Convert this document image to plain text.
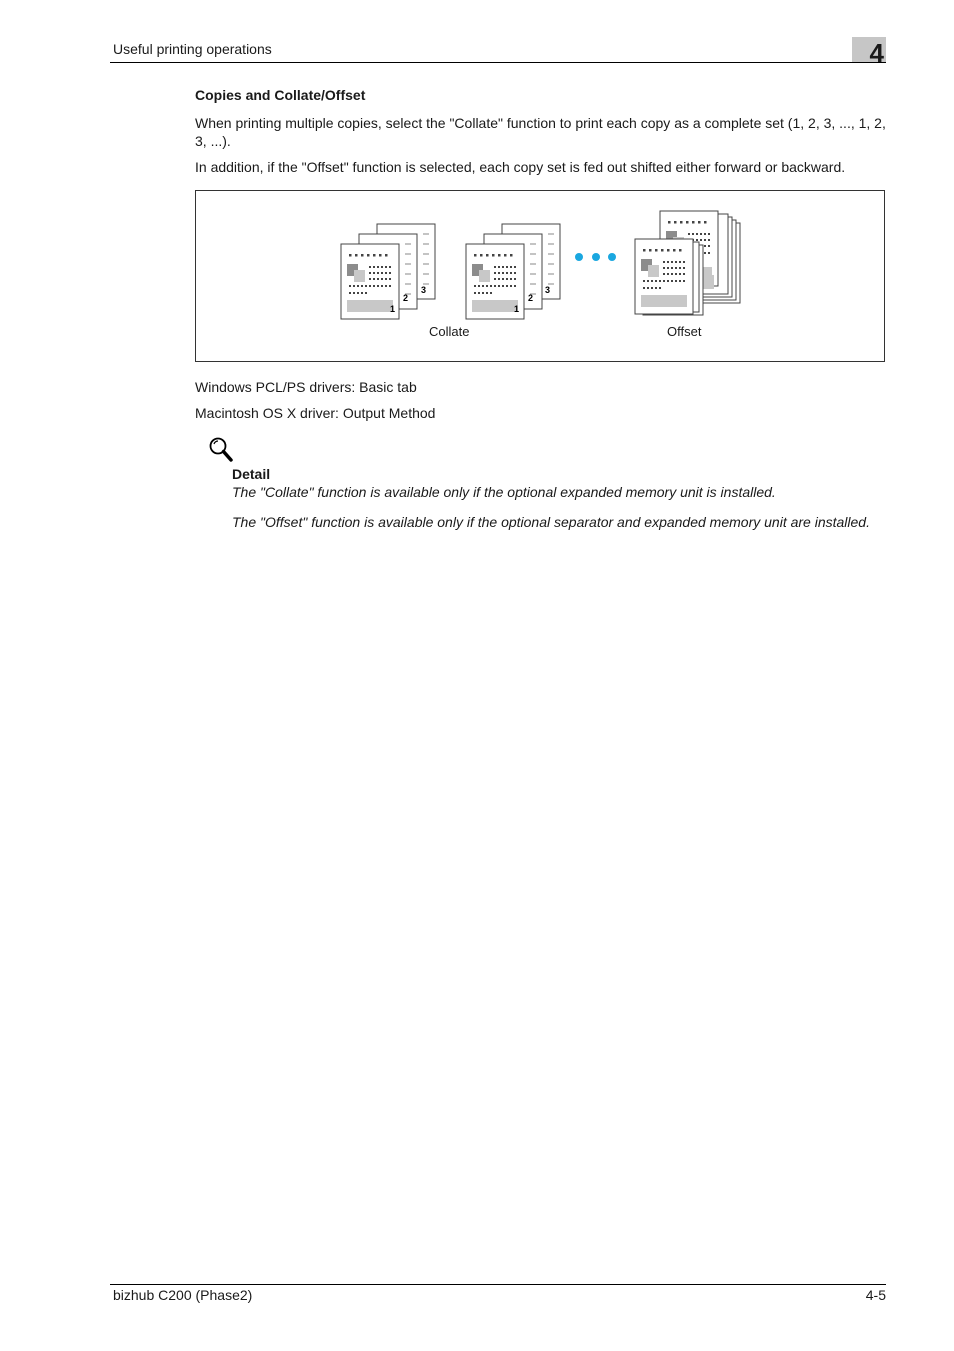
Useful printing operations	4
Copies and Collate/Offset
When printing multiple copies, select the "Collate" function to print each copy as a complete set (1, 2, 3, ..., 1, 2, 3, ...).
In addition, if the "Offset" function is selected, each copy set is fed out shifted either forward or backward.
3
2
1
3
2
1
Collate	Offset
Windows PCL/PS drivers: Basic tab
Macintosh OS X driver: Output Method
Detail
The "Collate" function is available only if the optional expanded memory unit is installed.
The "Offset" function is available only if the optional separator and expanded memory unit are installed.
bizhub C200 (Phase2)	4-5
